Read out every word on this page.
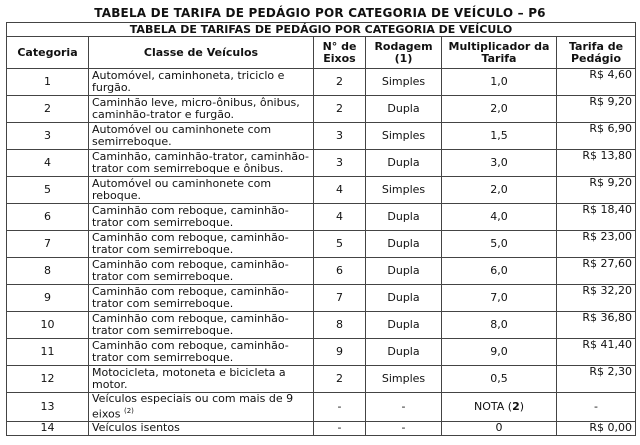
TABELA DE TARIFA DE PEDÁGIO POR CATEGORIA DE VEÍCULO – P6
TABELA DE TARIFAS DE PEDÁGIO POR CATEGORIA DE VEÍCULO					
Categoria	Classe de Veículos	N° de Eixos	Rodagem (1)	Multiplicador da Tarifa	Tarifa de Pedágio
1	Automóvel, caminhoneta, triciclo e furgão.	2	Simples	1,0	R$ 4,60
2	Caminhão leve, micro-ônibus, ônibus, caminhão-trator e furgão.	2	Dupla	2,0	R$ 9,20
3	Automóvel ou caminhonete com semirreboque.	3	Simples	1,5	R$ 6,90
4	Caminhão, caminhão-trator, caminhão-trator com semirreboque e ônibus.	3	Dupla	3,0	R$ 13,80
5	Automóvel ou caminhonete com reboque.	4	Simples	2,0	R$ 9,20
6	Caminhão com reboque, caminhão-trator com semirreboque.	4	Dupla	4,0	R$ 18,40
7	Caminhão com reboque, caminhão-trator com semirreboque.	5	Dupla	5,0	R$ 23,00
8	Caminhão com reboque, caminhão-trator com semirreboque.	6	Dupla	6,0	R$ 27,60
9	Caminhão com reboque, caminhão-trator com semirreboque.	7	Dupla	7,0	R$ 32,20
10	Caminhão com reboque, caminhão-trator com semirreboque.	8	Dupla	8,0	R$ 36,80
11	Caminhão com reboque, caminhão-trator com semirreboque.	9	Dupla	9,0	R$ 41,40
12	Motocicleta, motoneta e bicicleta a motor.	2	Simples	0,5	R$ 2,30
13	Veículos especiais ou com mais de 9 eixos $^{(2)}$	-	-	NOTA (2)	-
14	Veículos isentos	-	-	0	R$ 0,00
